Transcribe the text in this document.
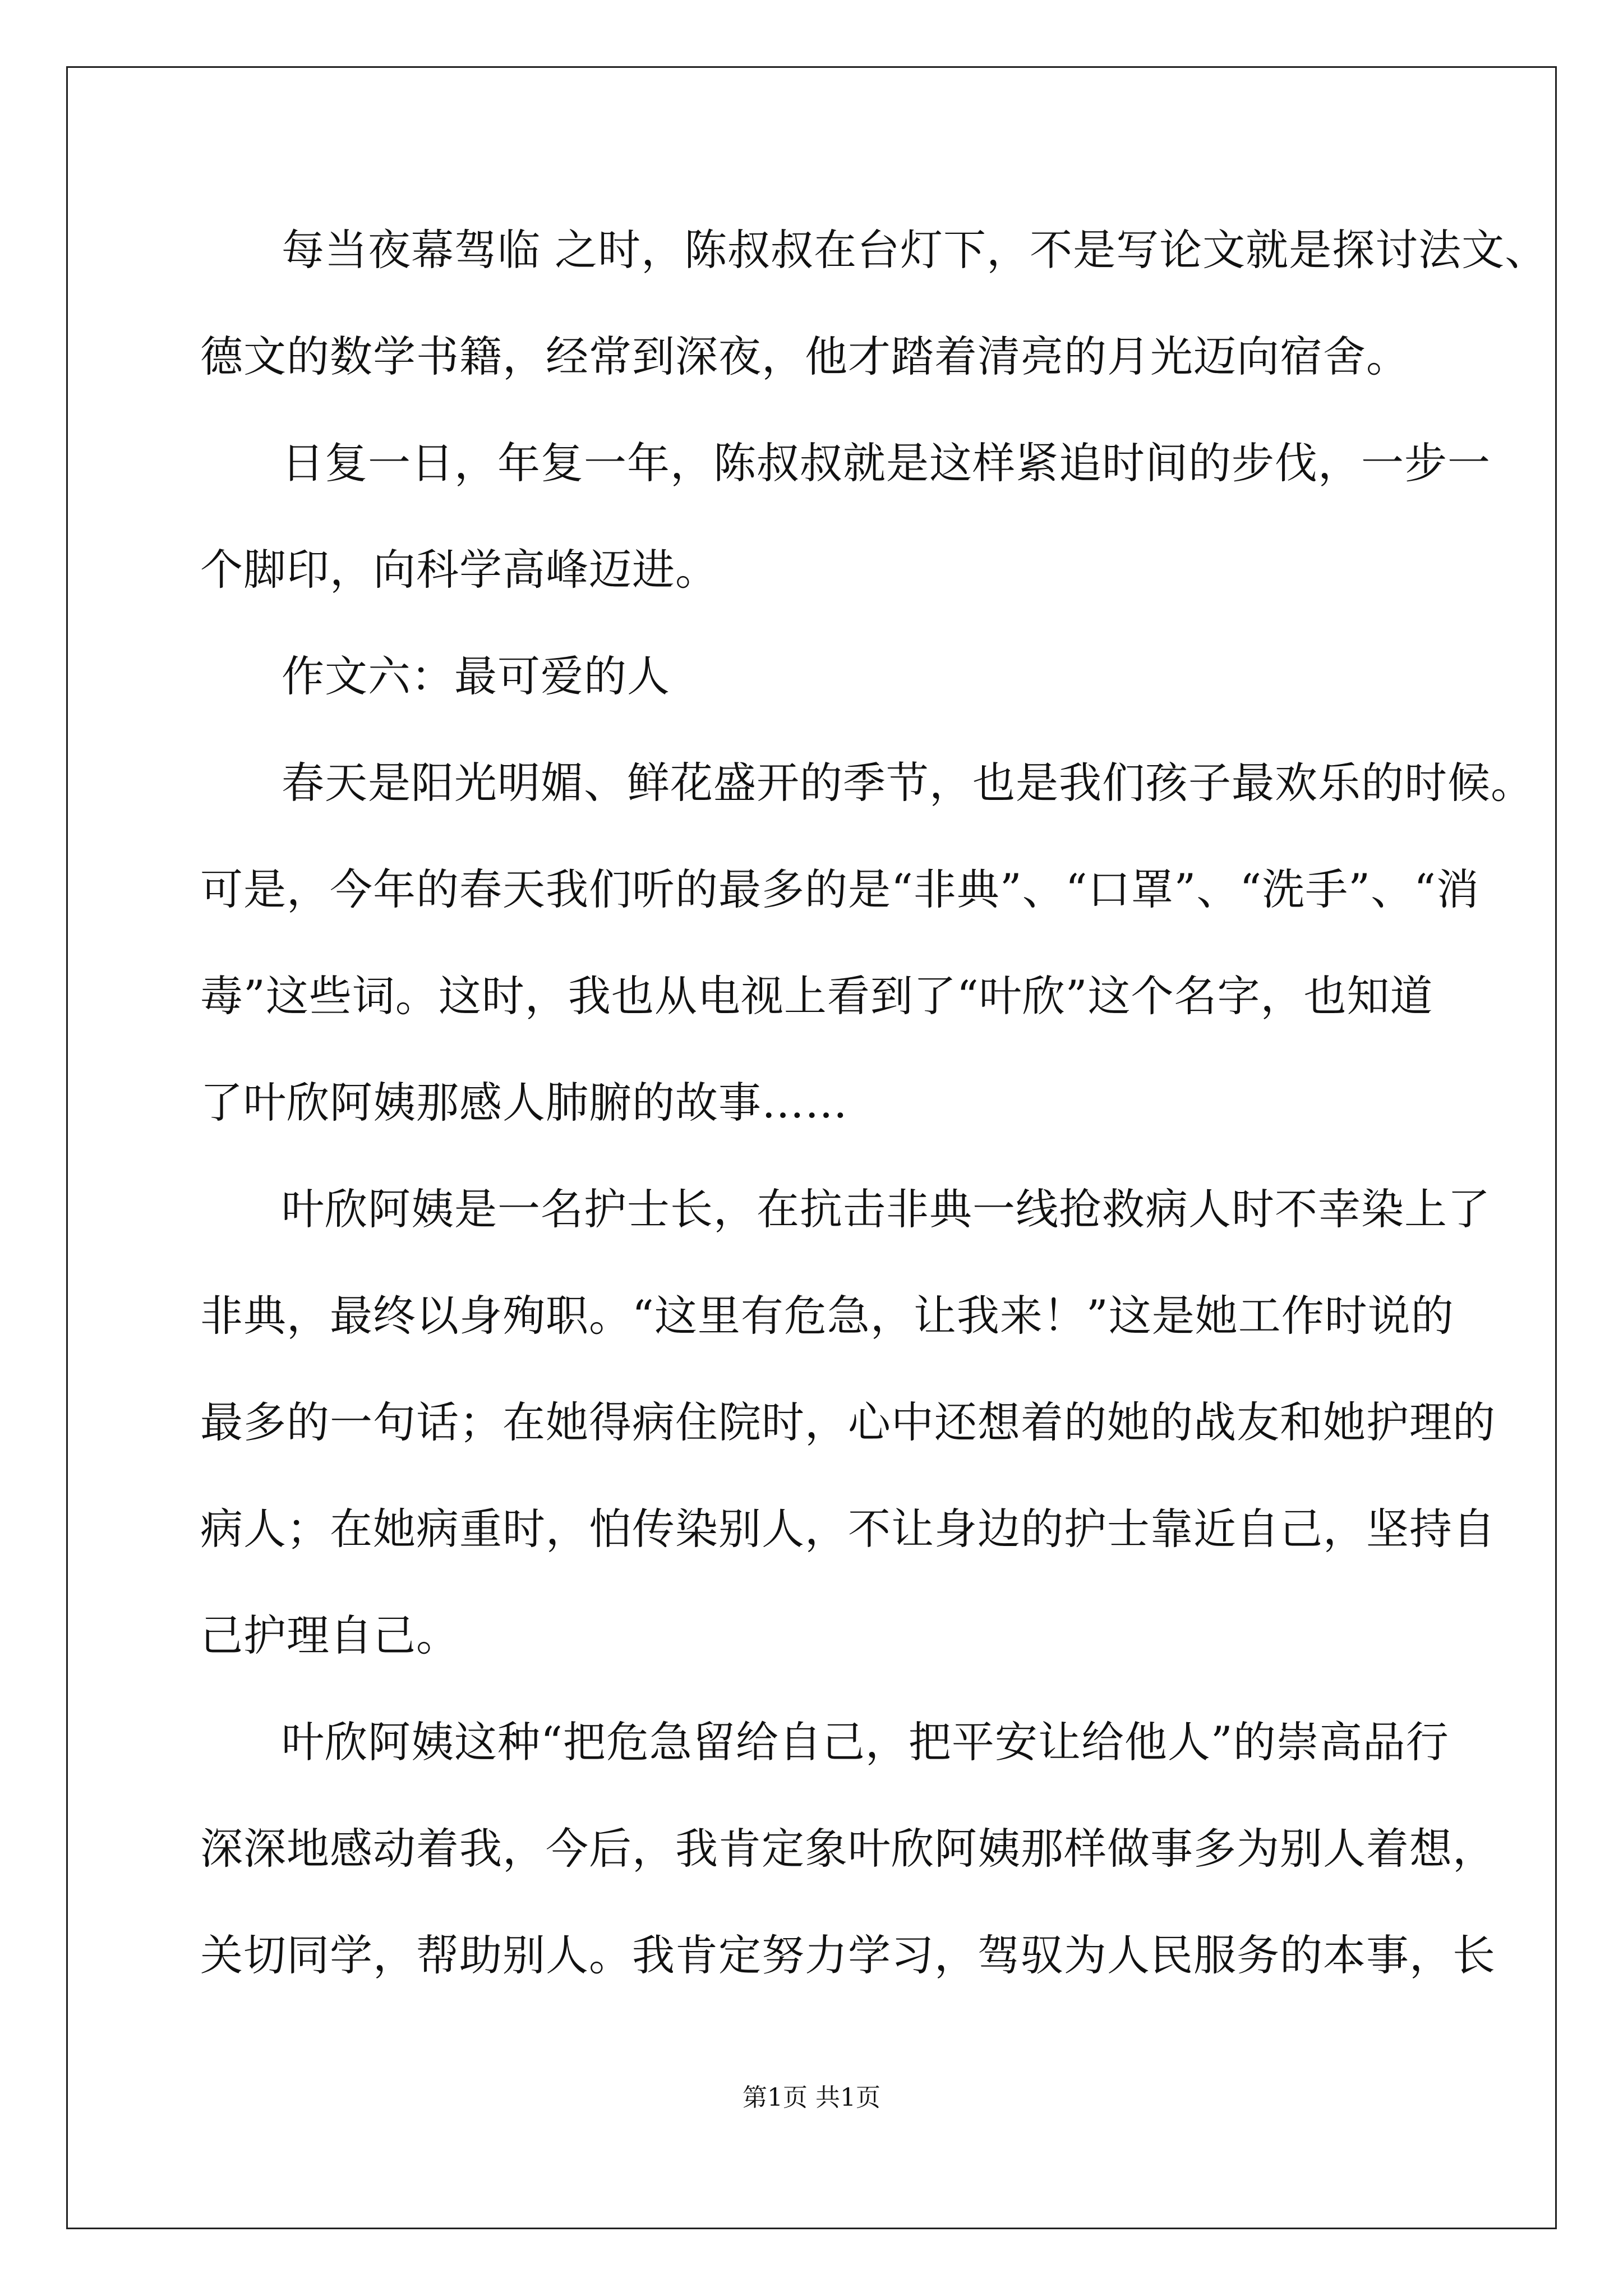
每当夜幕驾临 之时，陈叔叔在台灯下，不是写论文就是探讨法文、
德文的数学书籍，经常到深夜，他才踏着清亮的月光迈向宿舍。
日复一日，年复一年，陈叔叔就是这样紧追时间的步伐，一步一
个脚印，向科学高峰迈进。
作文六：最可爱的人
春天是阳光明媚、鲜花盛开的季节，也是我们孩子最欢乐的时候。
可是，今年的春天我们听的最多的是“非典”、“口罩”、“洗手”、“消
毒”这些词。这时，我也从电视上看到了“叶欣”这个名字，也知道
了叶欣阿姨那感人肺腑的故事……
叶欣阿姨是一名护士长，在抗击非典一线抢救病人时不幸染上了
非典，最终以身殉职。“这里有危急，让我来！”这是她工作时说的
最多的一句话；在她得病住院时，心中还想着的她的战友和她护理的
病人；在她病重时，怕传染别人，不让身边的护士靠近自己，坚持自
己护理自己。
叶欣阿姨这种“把危急留给自己，把平安让给他人”的崇高品行
深深地感动着我，今后，我肯定象叶欣阿姨那样做事多为别人着想，
关切同学，帮助别人。我肯定努力学习，驾驭为人民服务的本事，长
第1页 共1页
